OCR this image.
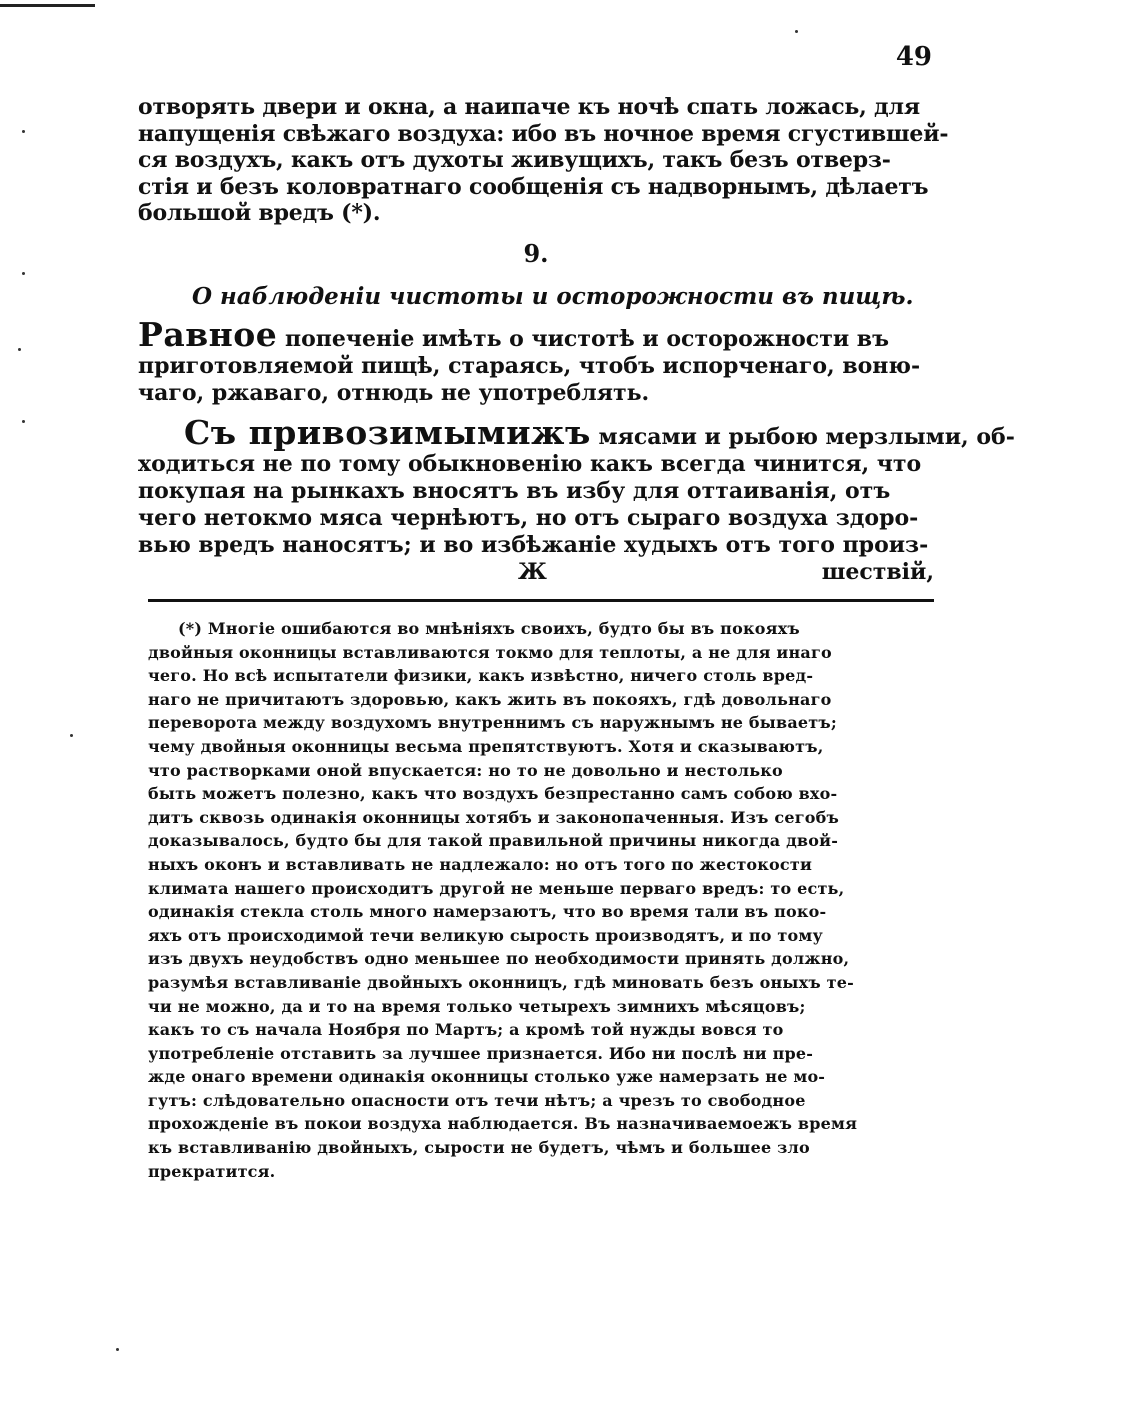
49
отворять двери и окна, а наипаче къ ночѣ спать ложась, для
напущенія свѣжаго воздуха: ибо въ ночное время сгустившей-
ся воздухъ, какъ отъ духоты живущихъ, такъ безъ отверз-
стія и безъ коловратнаго сообщенія съ надворнымъ, дѣлаетъ
большой вредъ (*).
9.
О наблюденіи чистоты и осторожности въ пищѣ.
Равное попеченіе имѣть о чистотѣ и осторожности въ
приготовляемой пищѣ, стараясь, чтобъ испорченаго, воню-
чаго, ржаваго, отнюдь не употреблять.
Съ привозимымижъ мясами и рыбою мерзлыми, об-
ходиться не по тому обыкновенію какъ всегда чинится, что
покупая на рынкахъ вносятъ въ избу для оттаиванія, отъ
чего нетокмо мяса чернѣютъ, но отъ сыраго воздуха здоро-
вью вредъ наносятъ; и во избѣжаніе худыхъ отъ того произ-
Ж	шествій,
(*) Многіе ошибаются во мнѣніяхъ своихъ, будто бы въ покояхъ
двойныя оконницы вставливаются токмо для теплоты, а не для инаго
чего. Но всѣ испытатели физики, какъ извѣстно, ничего столь вред-
наго не причитаютъ здоровью, какъ жить въ покояхъ, гдѣ довольнаго
переворота между воздухомъ внутреннимъ съ наружнымъ не бываетъ;
чему двойныя оконницы весьма препятствуютъ. Хотя и сказываютъ,
что растворками оной впускается: но то не довольно и нестолько
быть можетъ полезно, какъ что воздухъ безпрестанно самъ собою вхо-
дитъ сквозь одинакія оконницы хотябъ и законопаченныя. Изъ сегобъ
доказывалось, будто бы для такой правильной причины никогда двой-
ныхъ оконъ и вставливать не надлежало: но отъ того по жестокости
климата нашего происходитъ другой не меньше перваго вредъ: то есть,
одинакія стекла столь много намерзаютъ, что во время тали въ поко-
яхъ отъ происходимой течи великую сырость производятъ, и по тому
изъ двухъ неудобствъ одно меньшее по необходимости принять должно,
разумѣя вставливаніе двойныхъ оконницъ, гдѣ миновать безъ оныхъ те-
чи не можно, да и то на время только четырехъ зимнихъ мѣсяцовъ;
какъ то съ начала Ноября по Мартъ; а кромѣ той нужды вовся то
употребленіе отставить за лучшее признается. Ибо ни послѣ ни пре-
жде онаго времени одинакія оконницы столько уже намерзать не мо-
гутъ: слѣдовательно опасности отъ течи нѣтъ; а чрезъ то свободное
прохожденіе въ покои воздуха наблюдается. Въ назначиваемоежъ время
къ вставливанію двойныхъ, сырости не будетъ, чѣмъ и большее зло
прекратится.
